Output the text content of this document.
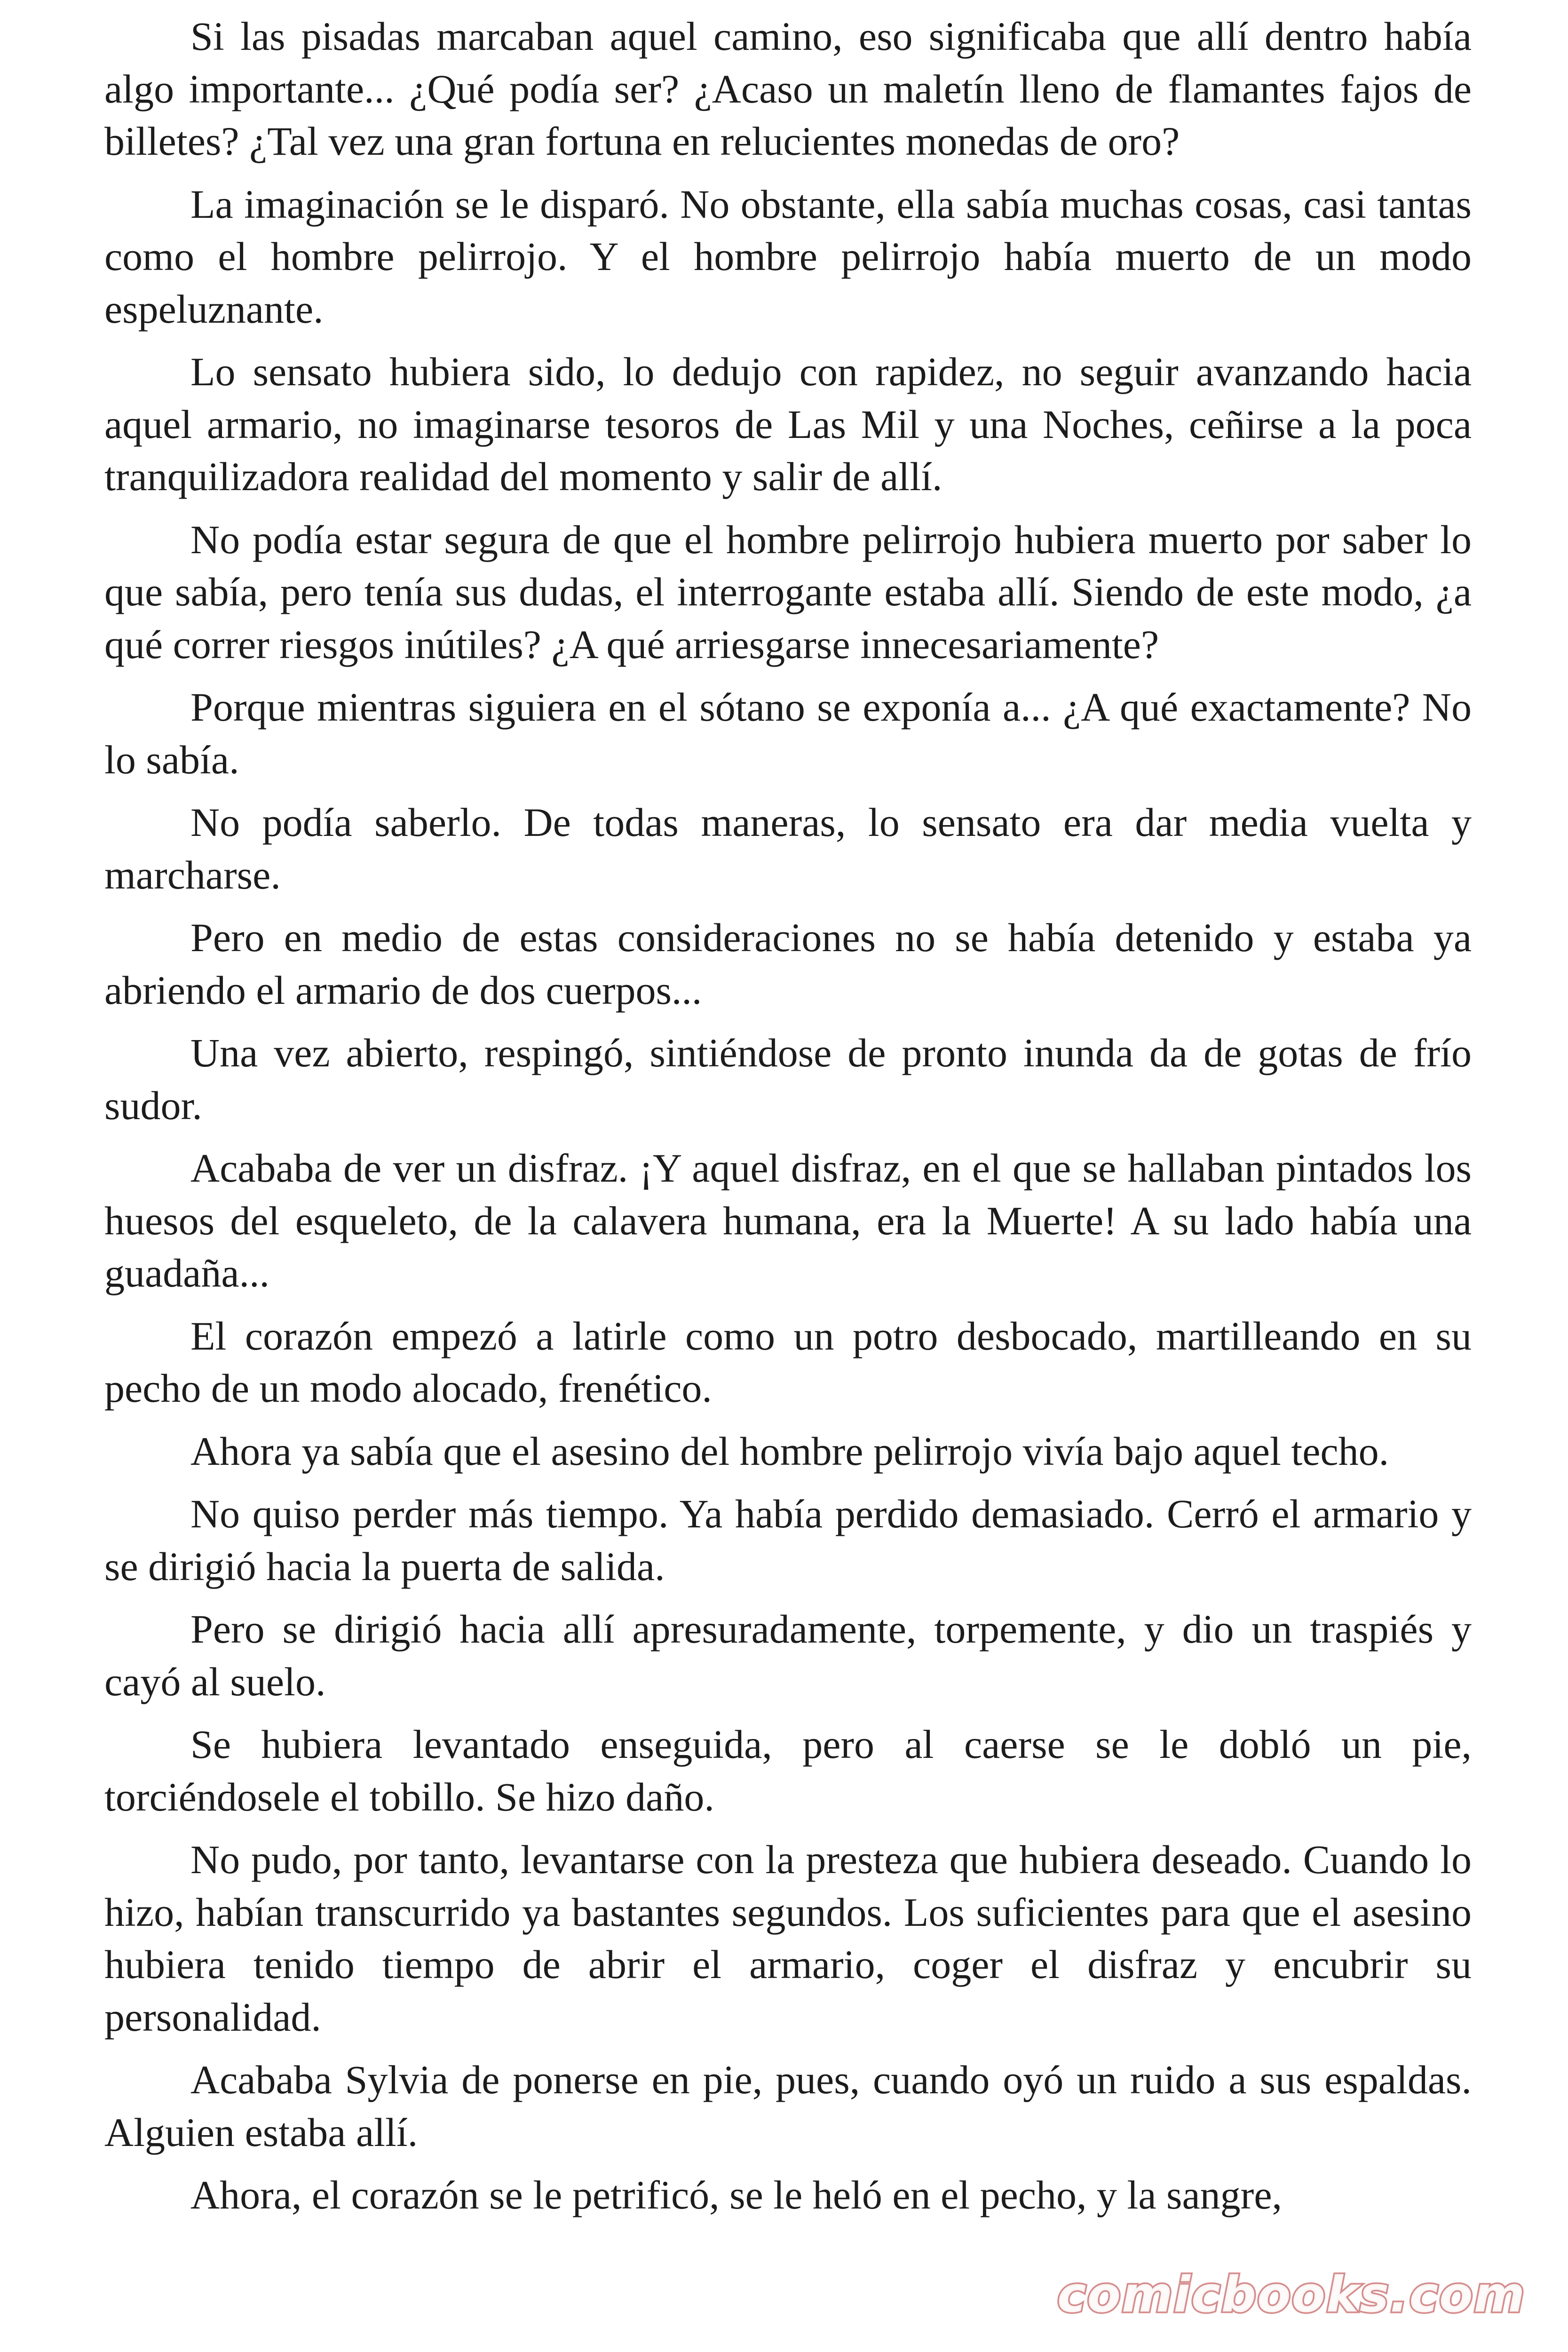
Si las pisadas marcaban aquel camino, eso significaba que allí dentro había algo importante... ¿Qué podía ser? ¿Acaso un maletín lleno de flamantes fajos de billetes? ¿Tal vez una gran fortuna en relucientes monedas de oro?

La imaginación se le disparó. No obstante, ella sabía muchas cosas, casi tantas como el hombre pelirrojo. Y el hombre pelirrojo había muerto de un modo espeluznante.

Lo sensato hubiera sido, lo dedujo con rapidez, no seguir avanzando hacia aquel armario, no imaginarse tesoros de Las Mil y una Noches, ceñirse a la poca tranquilizadora realidad del momento y salir de allí.

No podía estar segura de que el hombre pelirrojo hubiera muerto por saber lo que sabía, pero tenía sus dudas, el interrogante estaba allí. Siendo de este modo, ¿a qué correr riesgos inútiles? ¿A qué arriesgarse innecesariamente?

Porque mientras siguiera en el sótano se exponía a... ¿A qué exactamente? No lo sabía.

No podía saberlo. De todas maneras, lo sensato era dar media vuelta y marcharse.

Pero en medio de estas consideraciones no se había detenido y estaba ya abriendo el armario de dos cuerpos...

Una vez abierto, respingó, sintiéndose de pronto inunda da de gotas de frío sudor.

Acababa de ver un disfraz. ¡Y aquel disfraz, en el que se hallaban pintados los huesos del esqueleto, de la calavera humana, era la Muerte! A su lado había una guadaña...

El corazón empezó a latirle como un potro desbocado, martilleando en su pecho de un modo alocado, frenético.

Ahora ya sabía que el asesino del hombre pelirrojo vivía bajo aquel techo.

No quiso perder más tiempo. Ya había perdido demasiado. Cerró el armario y se dirigió hacia la puerta de salida.

Pero se dirigió hacia allí apresuradamente, torpemente, y dio un traspiés y cayó al suelo.

Se hubiera levantado enseguida, pero al caerse se le dobló un pie, torciéndosele el tobillo. Se hizo daño.

No pudo, por tanto, levantarse con la presteza que hubiera deseado. Cuando lo hizo, habían transcurrido ya bastantes segundos. Los suficientes para que el asesino hubiera tenido tiempo de abrir el armario, coger el disfraz y encubrir su personalidad.

Acababa Sylvia de ponerse en pie, pues, cuando oyó un ruido a sus espaldas. Alguien estaba allí.

Ahora, el corazón se le petrificó, se le heló en el pecho, y la sangre,

comicbooks.com
